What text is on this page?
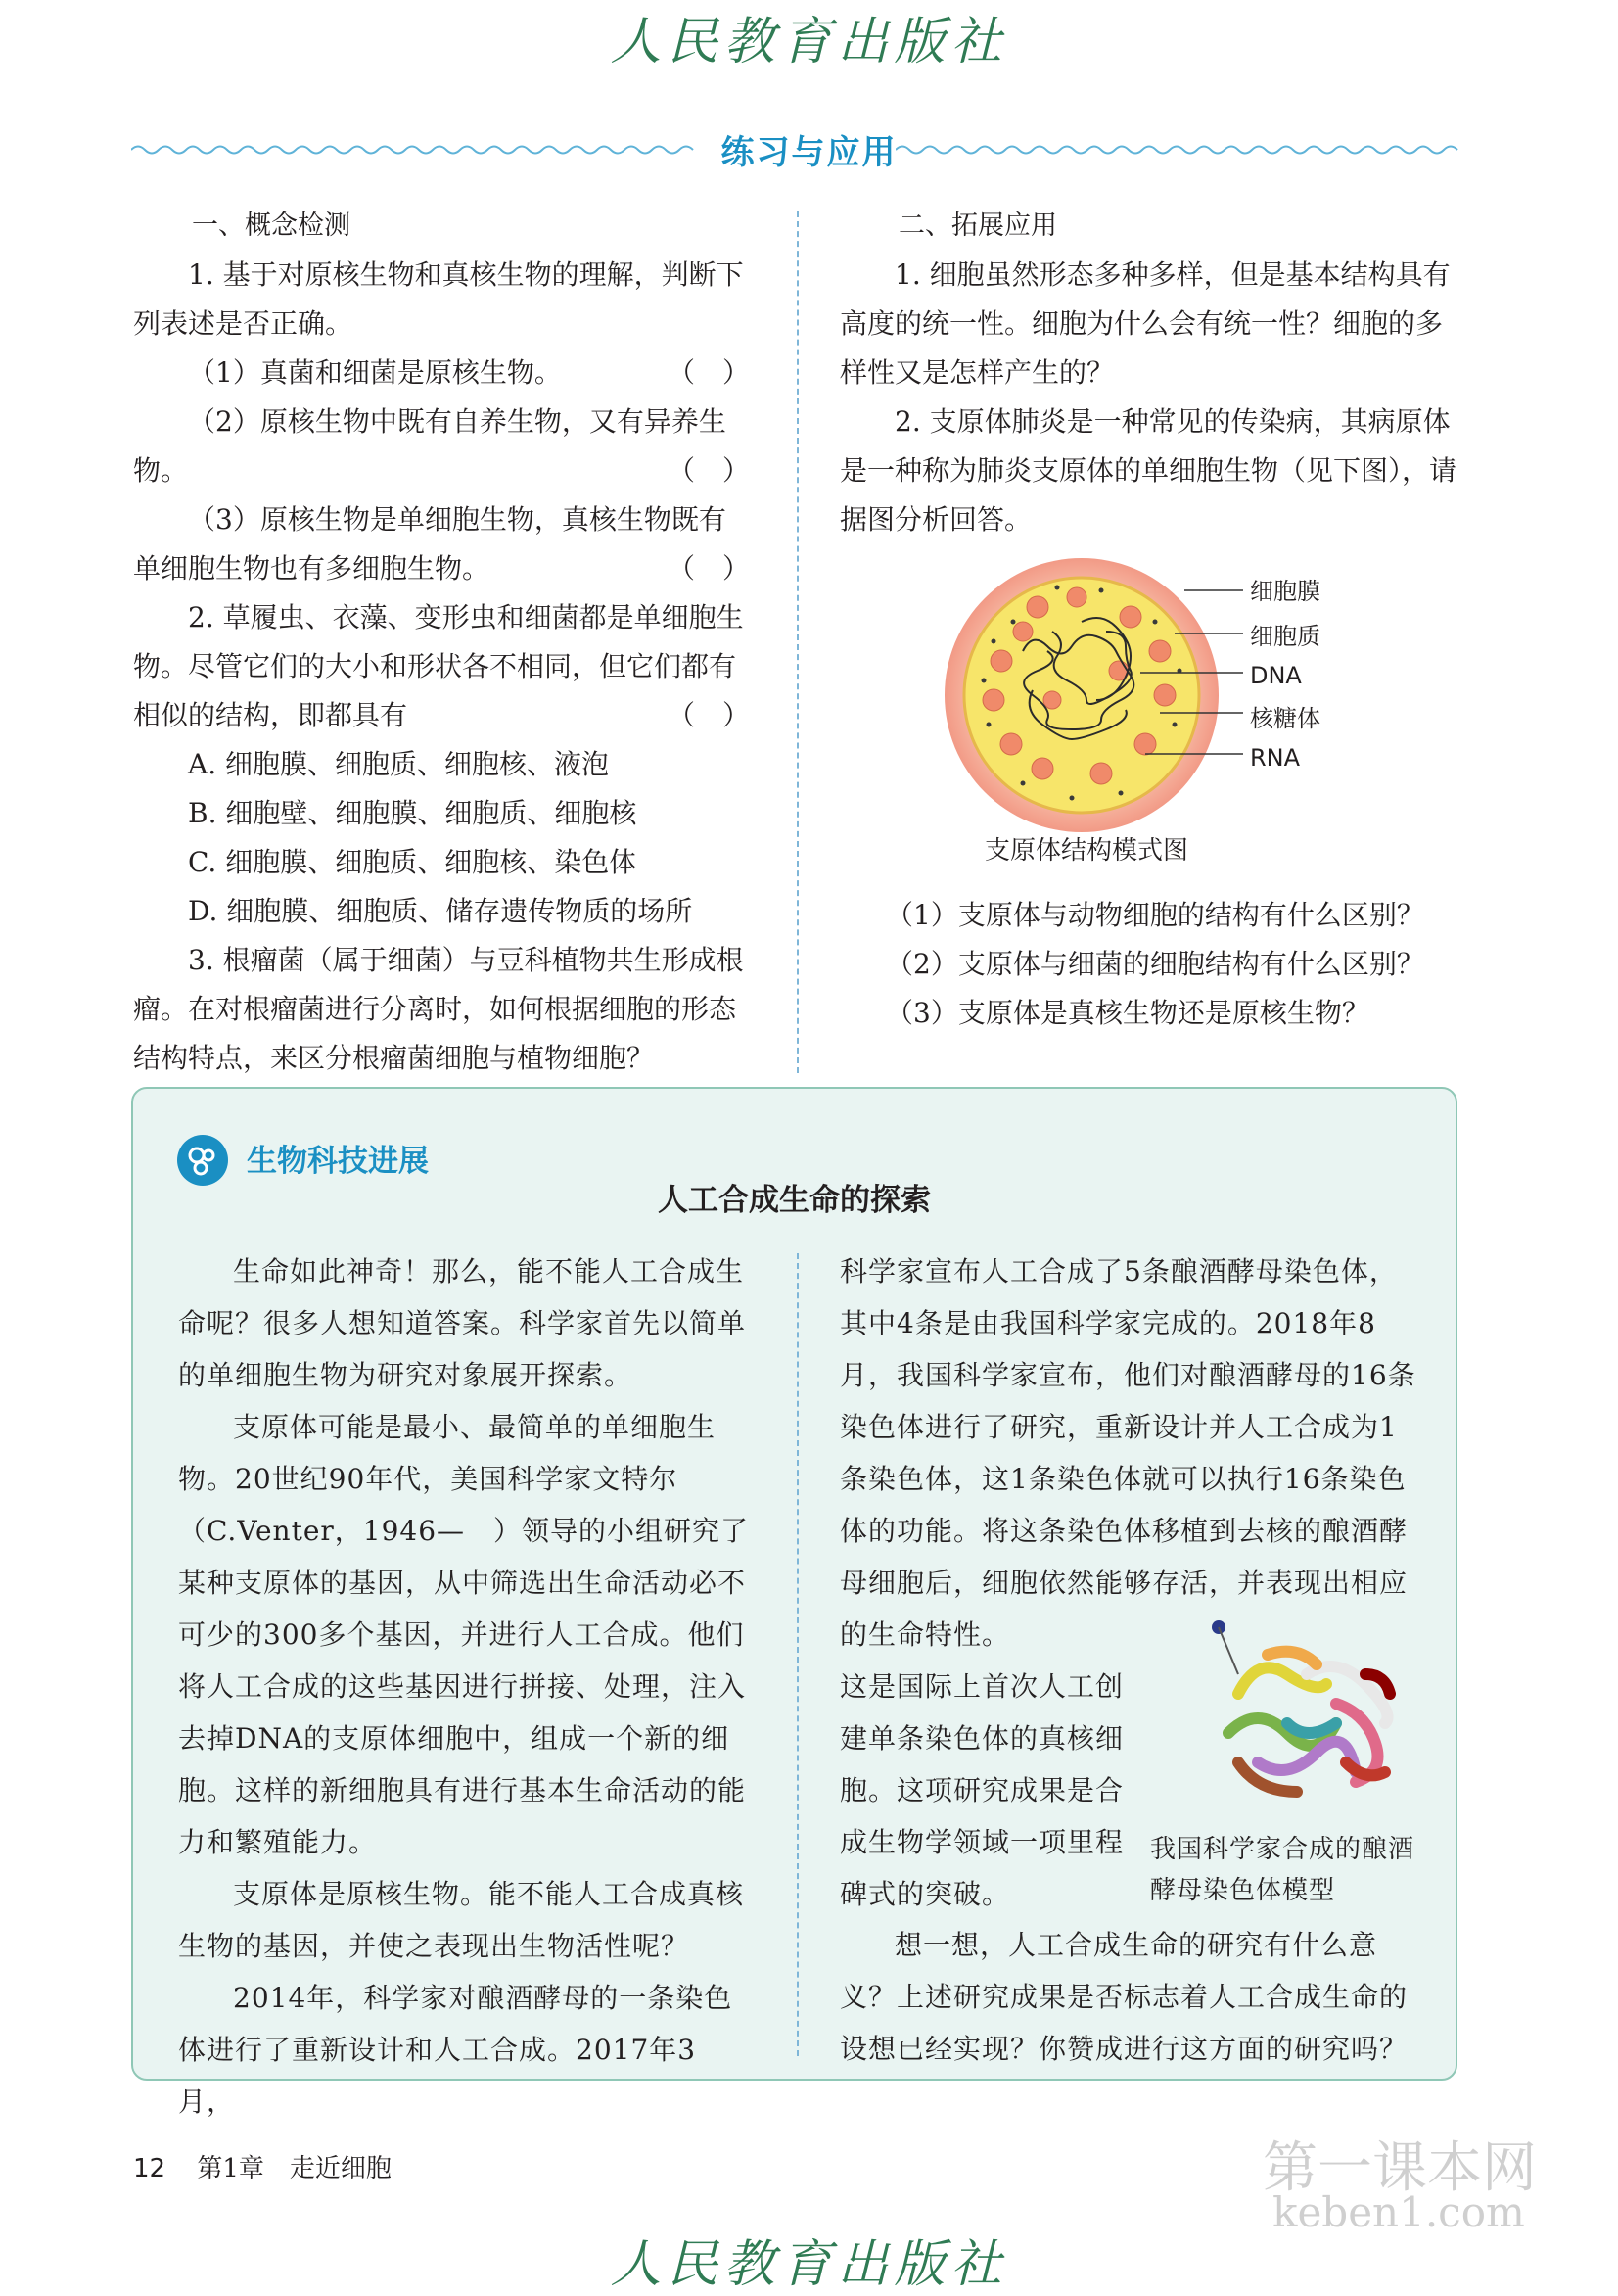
人民教育出版社
练习与应用

一、概念检测

1. 基于对原核生物和真核生物的理解，判断下列表述是否正确。

（　）
（1）真菌和细菌是原核生物。

（2）原核生物中既有自养生物，又有异养生物。	（　）

（3）原核生物是单细胞生物，真核生物既有单细胞生物也有多细胞生物。	（　）

2. 草履虫、衣藻、变形虫和细菌都是单细胞生物。尽管它们的大小和形状各不相同，但它们都有相似的结构，即都具有	（　）

A. 细胞膜、细胞质、细胞核、液泡

B. 细胞壁、细胞膜、细胞质、细胞核

C. 细胞膜、细胞质、细胞核、染色体

D. 细胞膜、细胞质、储存遗传物质的场所

3. 根瘤菌（属于细菌）与豆科植物共生形成根瘤。在对根瘤菌进行分离时，如何根据细胞的形态结构特点，来区分根瘤菌细胞与植物细胞？

二、拓展应用

1. 细胞虽然形态多种多样，但是基本结构具有高度的统一性。细胞为什么会有统一性？细胞的多样性又是怎样产生的？

2. 支原体肺炎是一种常见的传染病，其病原体是一种称为肺炎支原体的单细胞生物（见下图），请据图分析回答。

细胞膜
细胞质
DNA
核糖体
RNA
支原体结构模式图

（1）支原体与动物细胞的结构有什么区别？

（2）支原体与细菌的细胞结构有什么区别？

（3）支原体是真核生物还是原核生物？

生物科技进展
人工合成生命的探索

生命如此神奇！那么，能不能人工合成生命呢？很多人想知道答案。科学家首先以简单的单细胞生物为研究对象展开探索。

支原体可能是最小、最简单的单细胞生物。20世纪90年代，美国科学家文特尔（C.Venter，1946—　）领导的小组研究了某种支原体的基因，从中筛选出生命活动必不可少的300多个基因，并进行人工合成。他们将人工合成的这些基因进行拼接、处理，注入去掉DNA的支原体细胞中，组成一个新的细胞。这样的新细胞具有进行基本生命活动的能力和繁殖能力。

支原体是原核生物。能不能人工合成真核生物的基因，并使之表现出生物活性呢？

2014年，科学家对酿酒酵母的一条染色体进行了重新设计和人工合成。2017年3月，

科学家宣布人工合成了5条酿酒酵母染色体，其中4条是由我国科学家完成的。2018年8月，我国科学家宣布，他们对酿酒酵母的16条染色体进行了研究，重新设计并人工合成为1条染色体，这1条染色体就可以执行16条染色体的功能。将这条染色体移植到去核的酿酒酵母细胞后，细胞依然能够存活，并表现出相应的生命特性。

这是国际上首次人工创建单条染色体的真核细胞。这项研究成果是合成生物学领域一项里程碑式的突破。

我国科学家合成的酿酒酵母染色体模型

想一想，人工合成生命的研究有什么意义？上述研究成果是否标志着人工合成生命的设想已经实现？你赞成进行这方面的研究吗？

12 第1章　走近细胞	第一课本网
keben1.com
人民教育出版社
